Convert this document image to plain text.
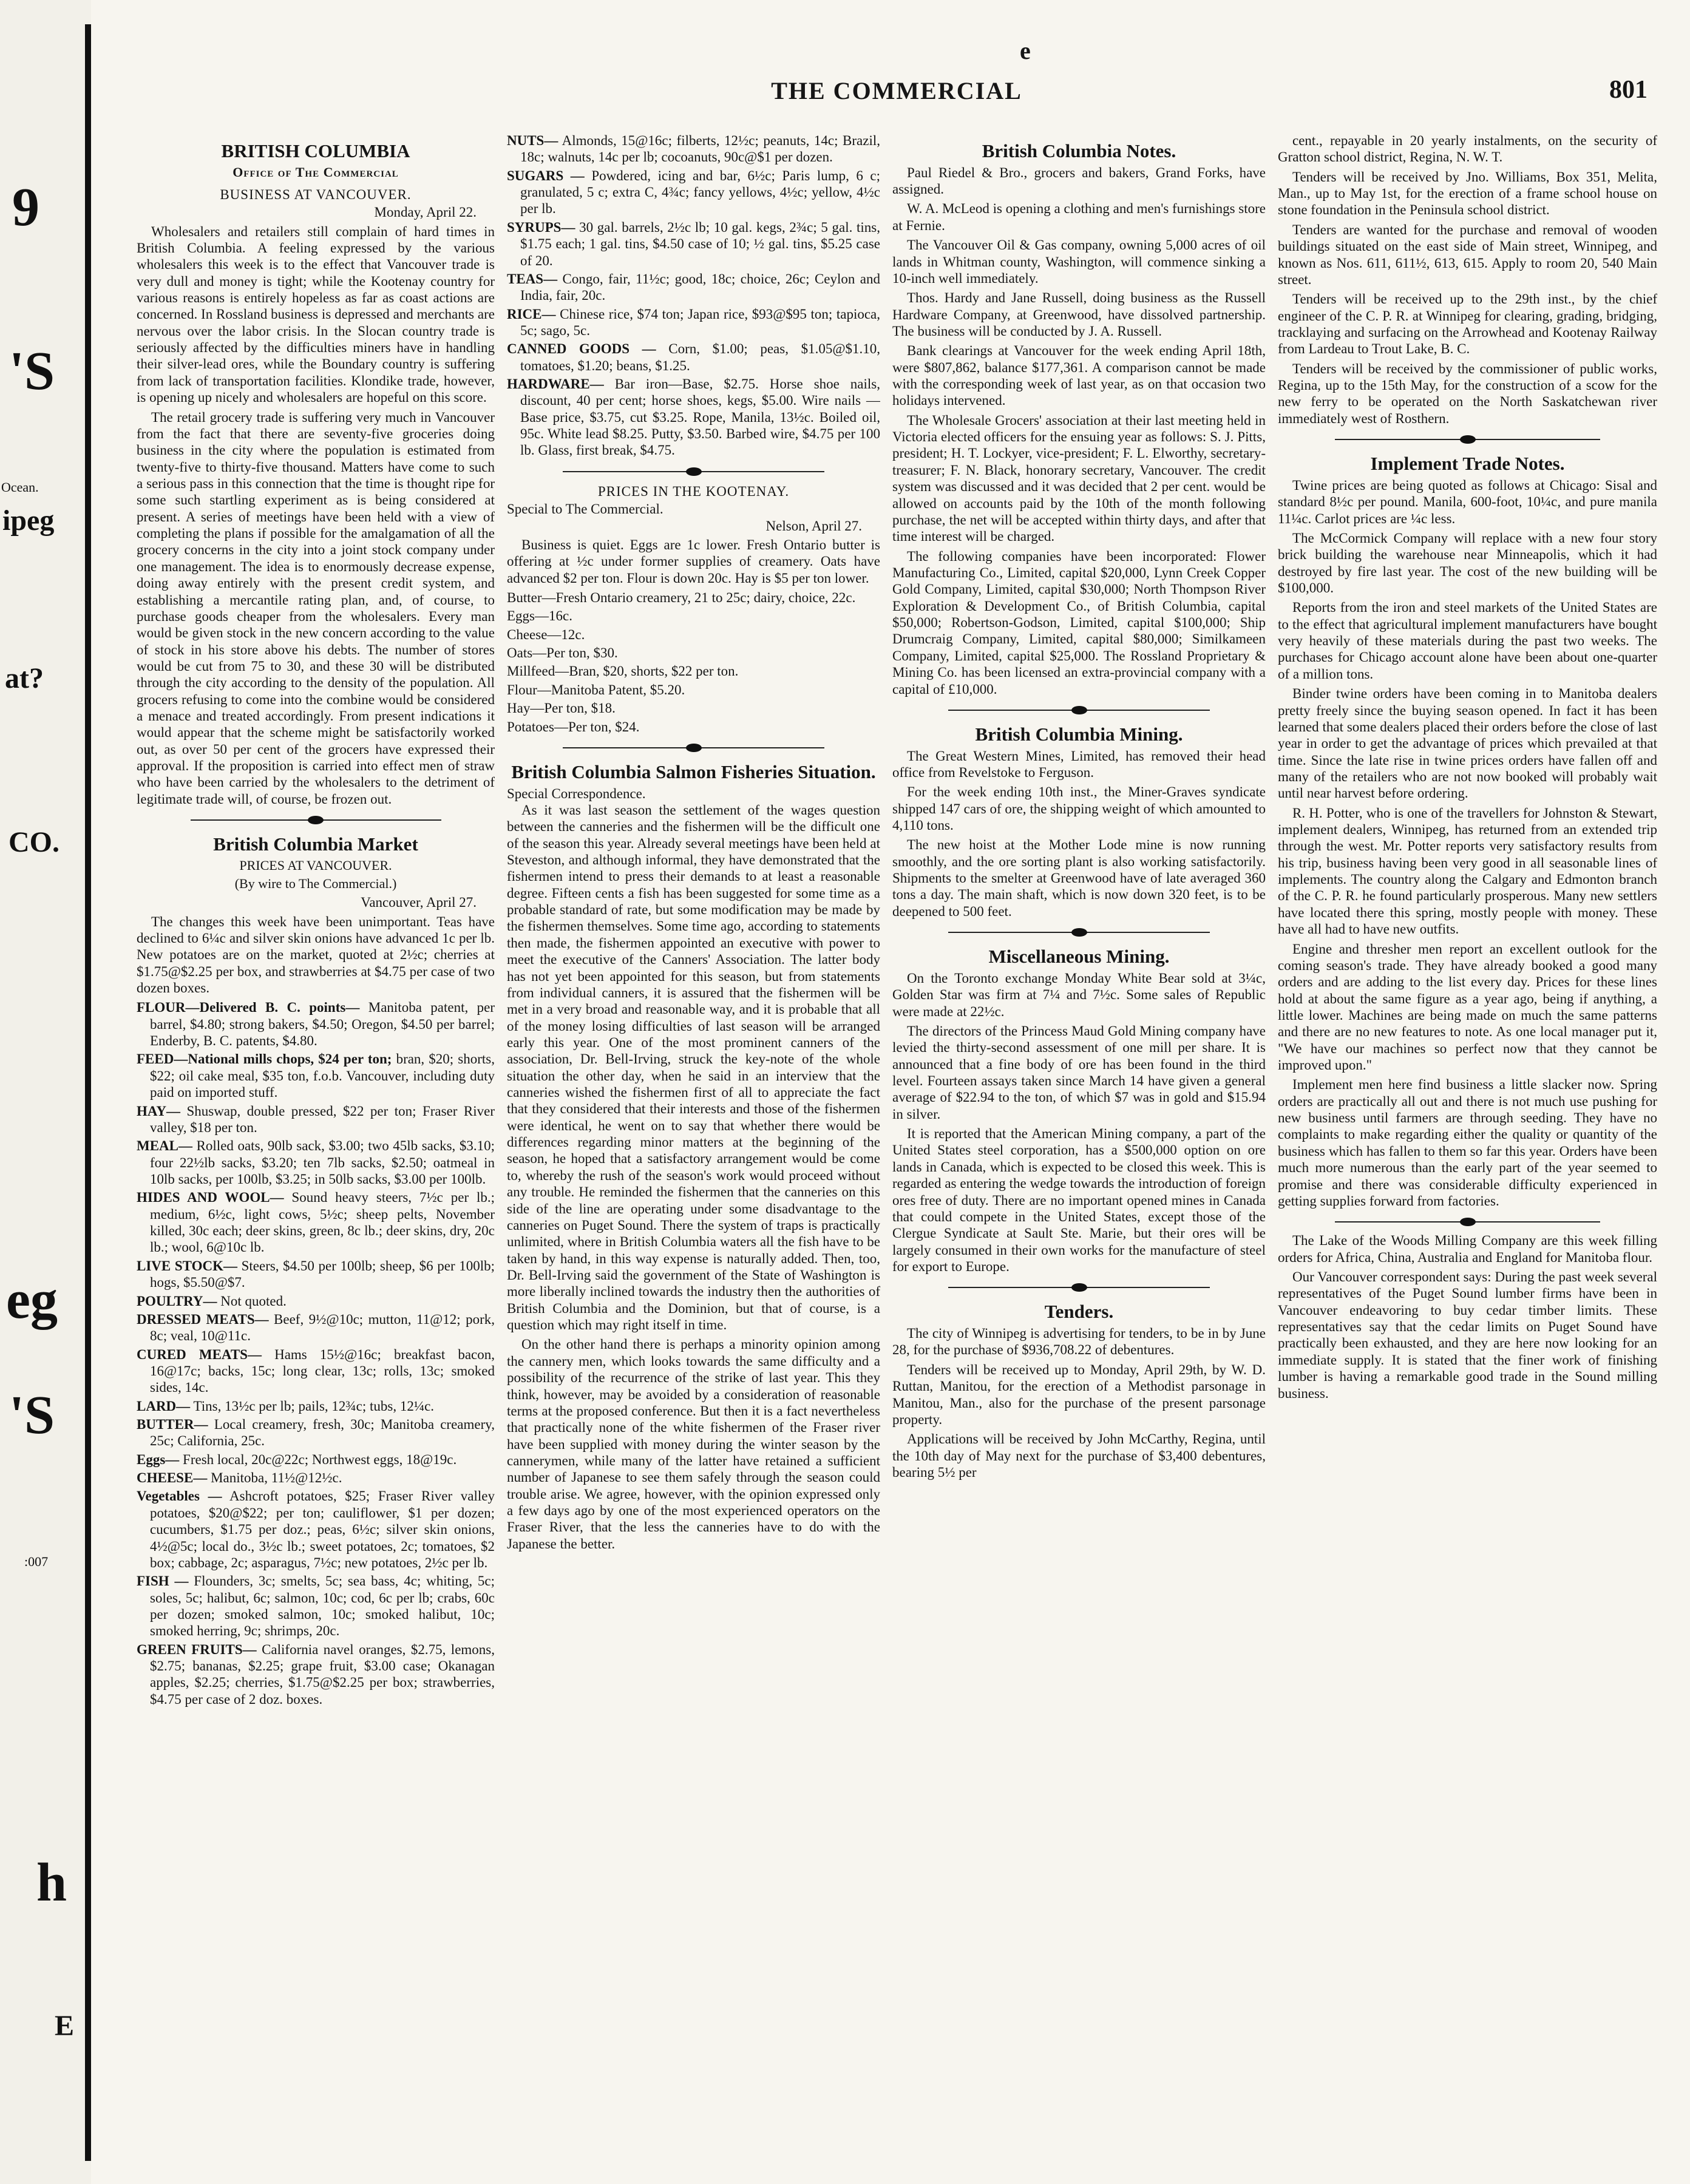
9
'S
ipeg
Ocean.
at?
CO.
eg
'S
:007
h
E
e
THE COMMERCIAL	801
BRITISH COLUMBIA
Office of The Commercial
BUSINESS AT VANCOUVER.
Monday, April 22.

Wholesalers and retailers still complain of hard times in British Columbia. A feeling expressed by the various wholesalers this week is to the effect that Vancouver trade is very dull and money is tight; while the Kootenay country for various reasons is entirely hopeless as far as coast actions are concerned. In Rossland business is depressed and merchants are nervous over the labor crisis. In the Slocan country trade is seriously affected by the difficulties miners have in handling their silver-lead ores, while the Boundary country is suffering from lack of transportation facilities. Klondike trade, however, is opening up nicely and wholesalers are hopeful on this score.

The retail grocery trade is suffering very much in Vancouver from the fact that there are seventy-five groceries doing business in the city where the population is estimated from twenty-five to thirty-five thousand. Matters have come to such a serious pass in this connection that the time is thought ripe for some such startling experiment as is being considered at present. A series of meetings have been held with a view of completing the plans if possible for the amalgamation of all the grocery concerns in the city into a joint stock company under one management. The idea is to enormously decrease expense, doing away entirely with the present credit system, and establishing a mercantile rating plan, and, of course, to purchase goods cheaper from the wholesalers. Every man would be given stock in the new concern according to the value of stock in his store above his debts. The number of stores would be cut from 75 to 30, and these 30 will be distributed through the city according to the density of the population. All grocers refusing to come into the combine would be considered a menace and treated accordingly. From present indications it would appear that the scheme might be satisfactorily worked out, as over 50 per cent of the grocers have expressed their approval. If the proposition is carried into effect men of straw who have been carried by the wholesalers to the detriment of legitimate trade will, of course, be frozen out.

British Columbia Market
PRICES AT VANCOUVER.
(By wire to The Commercial.)
Vancouver, April 27.

The changes this week have been unimportant. Teas have declined to 6¼c and silver skin onions have advanced 1c per lb. New potatoes are on the market, quoted at 2½c; cherries at $1.75@$2.25 per box, and strawberries at $4.75 per case of two dozen boxes.

FLOUR—Delivered B. C. points— Manitoba patent, per barrel, $4.80; strong bakers, $4.50; Oregon, $4.50 per barrel; Enderby, B. C. patents, $4.80.

FEED—National mills chops, $24 per ton; bran, $20; shorts, $22; oil cake meal, $35 ton, f.o.b. Vancouver, including duty paid on imported stuff.

HAY— Shuswap, double pressed, $22 per ton; Fraser River valley, $18 per ton.

MEAL— Rolled oats, 90lb sack, $3.00; two 45lb sacks, $3.10; four 22½lb sacks, $3.20; ten 7lb sacks, $2.50; oatmeal in 10lb sacks, per 100lb, $3.25; in 50lb sacks, $3.00 per 100lb.

HIDES AND WOOL— Sound heavy steers, 7½c per lb.; medium, 6½c, light cows, 5½c; sheep pelts, November killed, 30c each; deer skins, green, 8c lb.; deer skins, dry, 20c lb.; wool, 6@10c lb.

LIVE STOCK— Steers, $4.50 per 100lb; sheep, $6 per 100lb; hogs, $5.50@$7.

POULTRY— Not quoted.

DRESSED MEATS— Beef, 9½@10c; mutton, 11@12; pork, 8c; veal, 10@11c.

CURED MEATS— Hams 15½@16c; breakfast bacon, 16@17c; backs, 15c; long clear, 13c; rolls, 13c; smoked sides, 14c.

LARD— Tins, 13½c per lb; pails, 12¾c; tubs, 12¼c.

BUTTER— Local creamery, fresh, 30c; Manitoba creamery, 25c; California, 25c.

Eggs— Fresh local, 20c@22c; Northwest eggs, 18@19c.

CHEESE— Manitoba, 11½@12½c.

Vegetables — Ashcroft potatoes, $25; Fraser River valley potatoes, $20@$22; per ton; cauliflower, $1 per dozen; cucumbers, $1.75 per doz.; peas, 6½c; silver skin onions, 4½@5c; local do., 3½c lb.; sweet potatoes, 2c; tomatoes, $2 box; cabbage, 2c; asparagus, 7½c; new potatoes, 2½c per lb.

FISH — Flounders, 3c; smelts, 5c; sea bass, 4c; whiting, 5c; soles, 5c; halibut, 6c; salmon, 10c; cod, 6c per lb; crabs, 60c per dozen; smoked salmon, 10c; smoked halibut, 10c; smoked herring, 9c; shrimps, 20c.

GREEN FRUITS— California navel oranges, $2.75, lemons, $2.75; bananas, $2.25; grape fruit, $3.00 case; Okanagan apples, $2.25; cherries, $1.75@$2.25 per box; strawberries, $4.75 per case of 2 doz. boxes.

NUTS— Almonds, 15@16c; filberts, 12½c; peanuts, 14c; Brazil, 18c; walnuts, 14c per lb; cocoanuts, 90c@$1 per dozen.

SUGARS — Powdered, icing and bar, 6½c; Paris lump, 6 c; granulated, 5 c; extra C, 4¾c; fancy yellows, 4½c; yellow, 4½c per lb.

SYRUPS— 30 gal. barrels, 2½c lb; 10 gal. kegs, 2¾c; 5 gal. tins, $1.75 each; 1 gal. tins, $4.50 case of 10; ½ gal. tins, $5.25 case of 20.

TEAS— Congo, fair, 11½c; good, 18c; choice, 26c; Ceylon and India, fair, 20c.

RICE— Chinese rice, $74 ton; Japan rice, $93@$95 ton; tapioca, 5c; sago, 5c.

CANNED GOODS — Corn, $1.00; peas, $1.05@$1.10, tomatoes, $1.20; beans, $1.25.

HARDWARE— Bar iron—Base, $2.75. Horse shoe nails, discount, 40 per cent; horse shoes, kegs, $5.00. Wire nails — Base price, $3.75, cut $3.25. Rope, Manila, 13½c. Boiled oil, 95c. White lead $8.25. Putty, $3.50. Barbed wire, $4.75 per 100 lb. Glass, first break, $4.75.

PRICES IN THE KOOTENAY.
Special to The Commercial.
Nelson, April 27.

Business is quiet. Eggs are 1c lower. Fresh Ontario butter is offering at ½c under former supplies of creamery. Oats have advanced $2 per ton. Flour is down 20c. Hay is $5 per ton lower.

Butter—Fresh Ontario creamery, 21 to 25c; dairy, choice, 22c.

Eggs—16c.

Cheese—12c.

Oats—Per ton, $30.

Millfeed—Bran, $20, shorts, $22 per ton.

Flour—Manitoba Patent, $5.20.

Hay—Per ton, $18.

Potatoes—Per ton, $24.

British Columbia Salmon Fisheries Situation.
Special Correspondence.

As it was last season the settlement of the wages question between the canneries and the fishermen will be the difficult one of the season this year. Already several meetings have been held at Steveston, and although informal, they have demonstrated that the fishermen intend to press their demands to at least a reasonable degree. Fifteen cents a fish has been suggested for some time as a probable standard of rate, but some modification may be made by the fishermen themselves. Some time ago, according to statements then made, the fishermen appointed an executive with power to meet the executive of the Canners' Association. The latter body has not yet been appointed for this season, but from statements from individual canners, it is assured that the fishermen will be met in a very broad and reasonable way, and it is probable that all of the money losing difficulties of last season will be arranged early this year. One of the most prominent canners of the association, Dr. Bell-Irving, struck the key-note of the whole situation the other day, when he said in an interview that the canneries wished the fishermen first of all to appreciate the fact that they considered that their interests and those of the fishermen were identical, he went on to say that whether there would be differences regarding minor matters at the beginning of the season, he hoped that a satisfactory arrangement would be come to, whereby the rush of the season's work would proceed without any trouble. He reminded the fishermen that the canneries on this side of the line are operating under some disadvantage to the canneries on Puget Sound. There the system of traps is practically unlimited, where in British Columbia waters all the fish have to be taken by hand, in this way expense is naturally added. Then, too, Dr. Bell-Irving said the government of the State of Washington is more liberally inclined towards the industry then the authorities of British Columbia and the Dominion, but that of course, is a question which may right itself in time.

On the other hand there is perhaps a minority opinion among the cannery men, which looks towards the same difficulty and a possibility of the recurrence of the strike of last year. This they think, however, may be avoided by a consideration of reasonable terms at the proposed conference. But then it is a fact nevertheless that practically none of the white fishermen of the Fraser river have been supplied with money during the winter season by the cannerymen, while many of the latter have retained a sufficient number of Japanese to see them safely through the season could trouble arise. We agree, however, with the opinion expressed only a few days ago by one of the most experienced operators on the Fraser River, that the less the canneries have to do with the Japanese the better.

British Columbia Notes.

Paul Riedel & Bro., grocers and bakers, Grand Forks, have assigned.

W. A. McLeod is opening a clothing and men's furnishings store at Fernie.

The Vancouver Oil & Gas company, owning 5,000 acres of oil lands in Whitman county, Washington, will commence sinking a 10-inch well immediately.

Thos. Hardy and Jane Russell, doing business as the Russell Hardware Company, at Greenwood, have dissolved partnership. The business will be conducted by J. A. Russell.

Bank clearings at Vancouver for the week ending April 18th, were $807,862, balance $177,361. A comparison cannot be made with the corresponding week of last year, as on that occasion two holidays intervened.

The Wholesale Grocers' association at their last meeting held in Victoria elected officers for the ensuing year as follows: S. J. Pitts, president; H. T. Lockyer, vice-president; F. L. Elworthy, secretary-treasurer; F. N. Black, honorary secretary, Vancouver. The credit system was discussed and it was decided that 2 per cent. would be allowed on accounts paid by the 10th of the month following purchase, the net will be accepted within thirty days, and after that time interest will be charged.

The following companies have been incorporated: Flower Manufacturing Co., Limited, capital $20,000, Lynn Creek Copper Gold Company, Limited, capital $30,000; North Thompson River Exploration & Development Co., of British Columbia, capital $50,000; Robertson-Godson, Limited, capital $100,000; Ship Drumcraig Company, Limited, capital $80,000; Similkameen Company, Limited, capital $25,000. The Rossland Proprietary & Mining Co. has been licensed an extra-provincial company with a capital of £10,000.

British Columbia Mining.

The Great Western Mines, Limited, has removed their head office from Revelstoke to Ferguson.

For the week ending 10th inst., the Miner-Graves syndicate shipped 147 cars of ore, the shipping weight of which amounted to 4,110 tons.

The new hoist at the Mother Lode mine is now running smoothly, and the ore sorting plant is also working satisfactorily. Shipments to the smelter at Greenwood have of late averaged 360 tons a day. The main shaft, which is now down 320 feet, is to be deepened to 500 feet.

Miscellaneous Mining.

On the Toronto exchange Monday White Bear sold at 3¼c, Golden Star was firm at 7¼ and 7½c. Some sales of Republic were made at 22½c.

The directors of the Princess Maud Gold Mining company have levied the thirty-second assessment of one mill per share. It is announced that a fine body of ore has been found in the third level. Fourteen assays taken since March 14 have given a general average of $22.94 to the ton, of which $7 was in gold and $15.94 in silver.

It is reported that the American Mining company, a part of the United States steel corporation, has a $500,000 option on ore lands in Canada, which is expected to be closed this week. This is regarded as entering the wedge towards the introduction of foreign ores free of duty. There are no important opened mines in Canada that could compete in the United States, except those of the Clergue Syndicate at Sault Ste. Marie, but their ores will be largely consumed in their own works for the manufacture of steel for export to Europe.

Tenders.

The city of Winnipeg is advertising for tenders, to be in by June 28, for the purchase of $936,708.22 of debentures.

Tenders will be received up to Monday, April 29th, by W. D. Ruttan, Manitou, for the erection of a Methodist parsonage in Manitou, Man., also for the purchase of the present parsonage property.

Applications will be received by John McCarthy, Regina, until the 10th day of May next for the purchase of $3,400 debentures, bearing 5½ per

cent., repayable in 20 yearly instalments, on the security of Gratton school district, Regina, N. W. T.

Tenders will be received by Jno. Williams, Box 351, Melita, Man., up to May 1st, for the erection of a frame school house on stone foundation in the Peninsula school district.

Tenders are wanted for the purchase and removal of wooden buildings situated on the east side of Main street, Winnipeg, and known as Nos. 611, 611½, 613, 615. Apply to room 20, 540 Main street.

Tenders will be received up to the 29th inst., by the chief engineer of the C. P. R. at Winnipeg for clearing, grading, bridging, tracklaying and surfacing on the Arrowhead and Kootenay Railway from Lardeau to Trout Lake, B. C.

Tenders will be received by the commissioner of public works, Regina, up to the 15th May, for the construction of a scow for the new ferry to be operated on the North Saskatchewan river immediately west of Rosthern.

Implement Trade Notes.

Twine prices are being quoted as follows at Chicago: Sisal and standard 8½c per pound. Manila, 600-foot, 10¼c, and pure manila 11¼c. Carlot prices are ¼c less.

The McCormick Company will replace with a new four story brick building the warehouse near Minneapolis, which it had destroyed by fire last year. The cost of the new building will be $100,000.

Reports from the iron and steel markets of the United States are to the effect that agricultural implement manufacturers have bought very heavily of these materials during the past two weeks. The purchases for Chicago account alone have been about one-quarter of a million tons.

Binder twine orders have been coming in to Manitoba dealers pretty freely since the buying season opened. In fact it has been learned that some dealers placed their orders before the close of last year in order to get the advantage of prices which prevailed at that time. Since the late rise in twine prices orders have fallen off and many of the retailers who are not now booked will probably wait until near harvest before ordering.

R. H. Potter, who is one of the travellers for Johnston & Stewart, implement dealers, Winnipeg, has returned from an extended trip through the west. Mr. Potter reports very satisfactory results from his trip, business having been very good in all seasonable lines of implements. The country along the Calgary and Edmonton branch of the C. P. R. he found particularly prosperous. Many new settlers have located there this spring, mostly people with money. These have all had to have new outfits.

Engine and thresher men report an excellent outlook for the coming season's trade. They have already booked a good many orders and are adding to the list every day. Prices for these lines hold at about the same figure as a year ago, being if anything, a little lower. Machines are being made on much the same patterns and there are no new features to note. As one local manager put it, "We have our machines so perfect now that they cannot be improved upon."

Implement men here find business a little slacker now. Spring orders are practically all out and there is not much use pushing for new business until farmers are through seeding. They have no complaints to make regarding either the quality or quantity of the business which has fallen to them so far this year. Orders have been much more numerous than the early part of the year seemed to promise and there was considerable difficulty experienced in getting supplies forward from factories.

The Lake of the Woods Milling Company are this week filling orders for Africa, China, Australia and England for Manitoba flour.

Our Vancouver correspondent says: During the past week several representatives of the Puget Sound lumber firms have been in Vancouver endeavoring to buy cedar timber limits. These representatives say that the cedar limits on Puget Sound have practically been exhausted, and they are here now looking for an immediate supply. It is stated that the finer work of finishing lumber is having a remarkable good trade in the Sound milling business.
